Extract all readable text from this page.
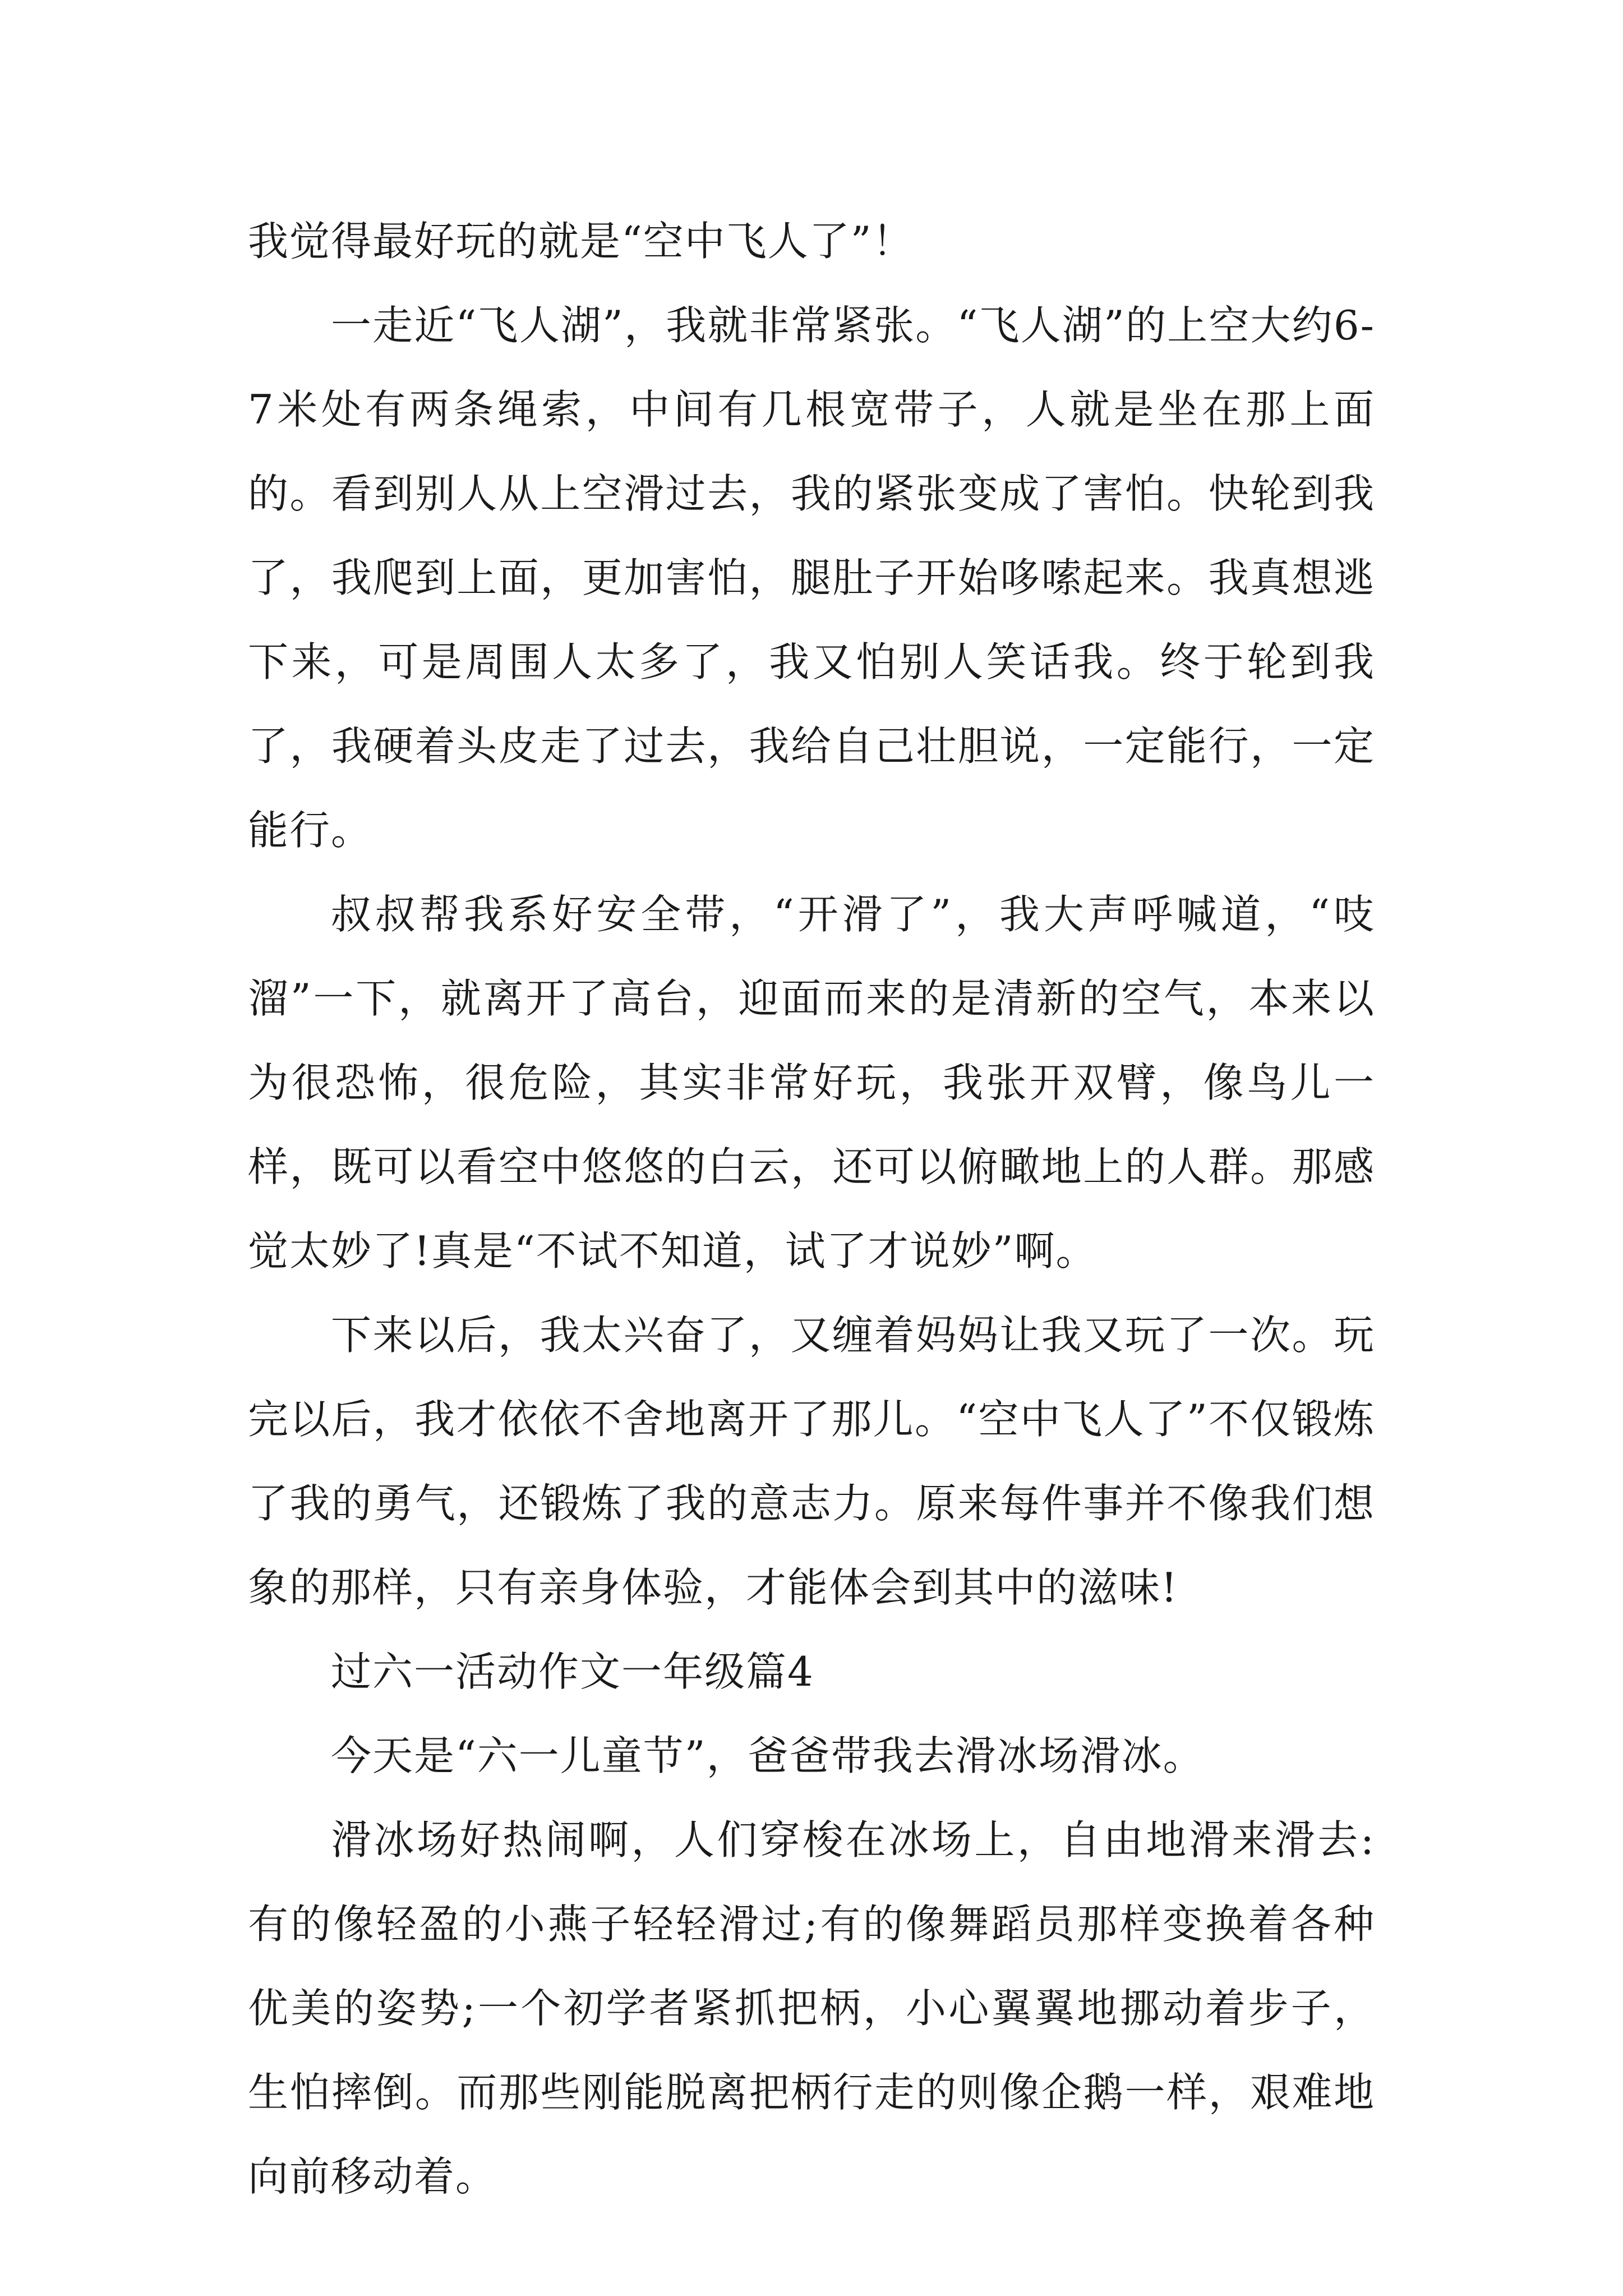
我觉得最好玩的就是“空中飞人了”！

一走近“飞人湖”，我就非常紧张。“飞人湖”的上空大约6-7米处有两条绳索，中间有几根宽带子，人就是坐在那上面的。看到别人从上空滑过去，我的紧张变成了害怕。快轮到我了，我爬到上面，更加害怕，腿肚子开始哆嗦起来。我真想逃下来，可是周围人太多了，我又怕别人笑话我。终于轮到我了，我硬着头皮走了过去，我给自己壮胆说，一定能行，一定能行。

叔叔帮我系好安全带，“开滑了”，我大声呼喊道，“吱溜”一下，就离开了高台，迎面而来的是清新的空气，本来以为很恐怖，很危险，其实非常好玩，我张开双臂，像鸟儿一样，既可以看空中悠悠的白云，还可以俯瞰地上的人群。那感觉太妙了!真是“不试不知道，试了才说妙”啊。

下来以后，我太兴奋了，又缠着妈妈让我又玩了一次。玩完以后，我才依依不舍地离开了那儿。“空中飞人了”不仅锻炼了我的勇气，还锻炼了我的意志力。原来每件事并不像我们想象的那样，只有亲身体验，才能体会到其中的滋味!

过六一活动作文一年级篇4

今天是“六一儿童节”，爸爸带我去滑冰场滑冰。

滑冰场好热闹啊，人们穿梭在冰场上，自由地滑来滑去:有的像轻盈的小燕子轻轻滑过;有的像舞蹈员那样变换着各种优美的姿势;一个初学者紧抓把柄，小心翼翼地挪动着步子，生怕摔倒。而那些刚能脱离把柄行走的则像企鹅一样，艰难地向前移动着。
